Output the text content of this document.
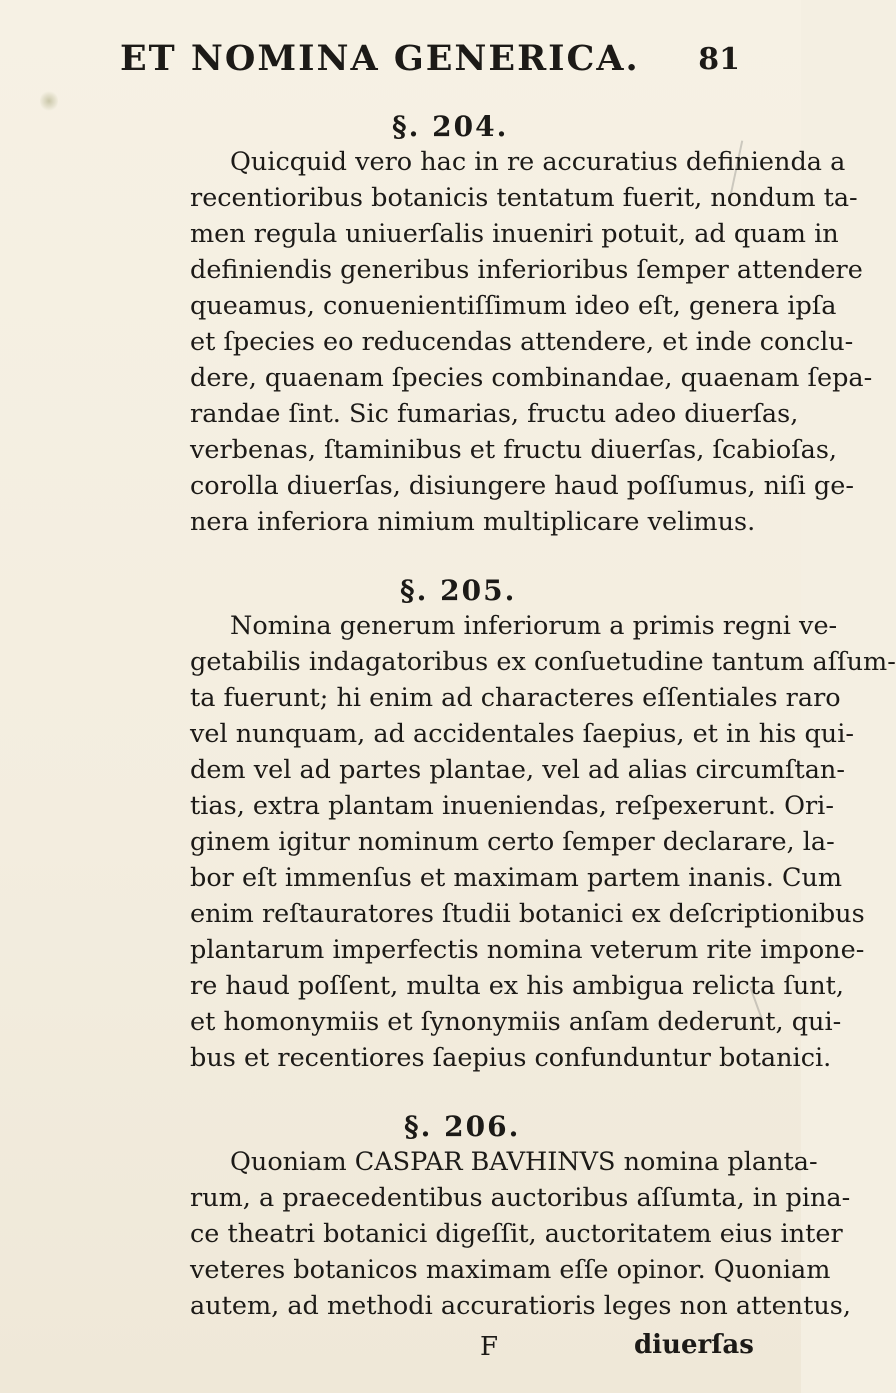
ET NOMINA GENERICA. 81
§. 204.
Quicquid vero hac in re accuratius definienda a
recentioribus botanicis tentatum fuerit, nondum ta-
men regula uniuerſalis inueniri potuit, ad quam in
definiendis generibus inferioribus ſemper attendere
queamus, conuenientiſſimum ideo eſt, genera ipſa
et ſpecies eo reducendas attendere, et inde conclu-
dere, quaenam ſpecies combinandae, quaenam ſepa-
randae ſint. Sic fumarias, fructu adeo diuerſas,
verbenas, ſtaminibus et fructu diuerſas, ſcabioſas,
corolla diuerſas, disiungere haud poſſumus, niſi ge-
nera inferiora nimium multiplicare velimus.
§. 205.
Nomina generum inferiorum a primis regni ve-
getabilis indagatoribus ex conſuetudine tantum aſſum-
ta fuerunt; hi enim ad characteres eſſentiales raro
vel nunquam, ad accidentales ſaepius, et in his qui-
dem vel ad partes plantae, vel ad alias circumſtan-
tias, extra plantam inueniendas, reſpexerunt. Ori-
ginem igitur nominum certo ſemper declarare, la-
bor eſt immenſus et maximam partem inanis. Cum
enim reſtauratores ſtudii botanici ex deſcriptionibus
plantarum imperfectis nomina veterum rite impone-
re haud poſſent, multa ex his ambigua relicta ſunt,
et homonymiis et ſynonymiis anſam dederunt, qui-
bus et recentiores ſaepius confunduntur botanici.
§. 206.
Quoniam CASPAR BAVHINVS nomina planta-
rum, a praecedentibus auctoribus aſſumta, in pina-
ce theatri botanici digeſſit, auctoritatem eius inter
veteres botanicos maximam eſſe opinor. Quoniam
autem, ad methodi accuratioris leges non attentus,
F	diuerſas
